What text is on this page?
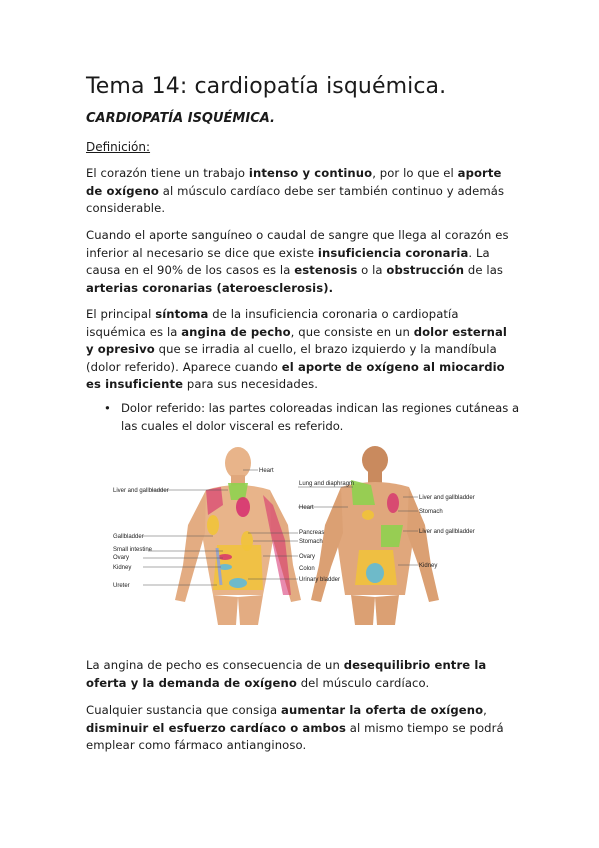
Tema 14: cardiopatía isquémica.
CARDIOPATÍA ISQUÉMICA.
Definición:
El corazón tiene un trabajo intenso y continuo, por lo que el aporte de oxígeno al músculo cardíaco debe ser también continuo y además considerable.
Cuando el aporte sanguíneo o caudal de sangre que llega al corazón es inferior al necesario se dice que existe insuficiencia coronaria. La causa en el 90% de los casos es la estenosis o la obstrucción de las arterias coronarias (ateroesclerosis).
El principal síntoma de la insuficiencia coronaria o cardiopatía isquémica es la angina de pecho, que consiste en un dolor esternal y opresivo que se irradia al cuello, el brazo izquierdo y la mandíbula (dolor referido). Aparece cuando el aporte de oxígeno al miocardio es insuficiente para sus necesidades.
• Dolor referido: las partes coloreadas indican las regiones cutáneas a las cuales el dolor visceral es referido.
Heart
Liver and gallbladder
Lung and diaphragm
Heart
Gallbladder
Pancreas
Stomach
Small intestine
Ovary	Ovary
Kidney	Colon
Ureter
Urinary bladder
Liver and gallbladder
Stomach
Liver and gallbladder
Kidney
La angina de pecho es consecuencia de un desequilibrio entre la oferta y la demanda de oxígeno del músculo cardíaco.
Cualquier sustancia que consiga aumentar la oferta de oxígeno, disminuir el esfuerzo cardíaco o ambos al mismo tiempo se podrá emplear como fármaco antianginoso.
